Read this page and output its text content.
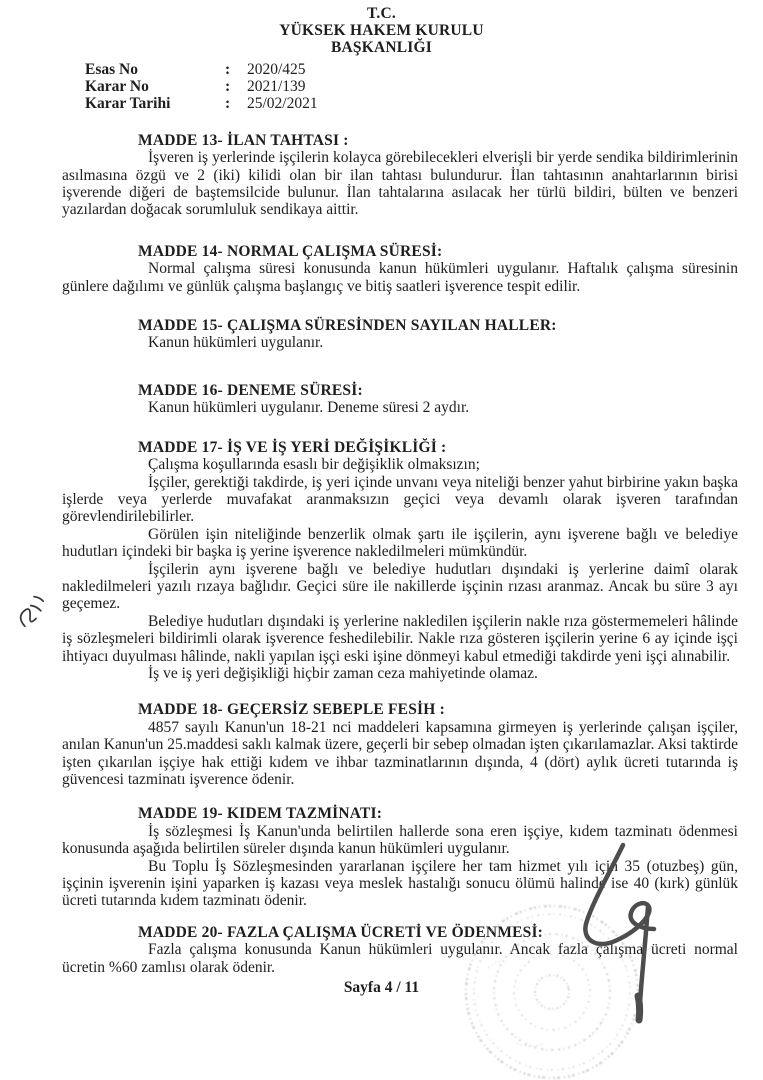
T.C.
YÜKSEK HAKEM KURULU
BAŞKANLIĞI
Esas No	:	2020/425
Karar No	:	2021/139
Karar Tarihi	:	25/02/2021
MADDE 13- İLAN TAHTASI :

İşveren iş yerlerinde işçilerin kolayca görebilecekleri elverişli bir yerde sendika bildirimlerinin asılmasına özgü ve 2 (iki) kilidi olan bir ilan tahtası bulundurur. İlan tahtasının anahtarlarının birisi işverende diğeri de baştemsilcide bulunur. İlan tahtalarına asılacak her türlü bildiri, bülten ve benzeri yazılardan doğacak sorumluluk sendikaya aittir.

MADDE 14- NORMAL ÇALIŞMA SÜRESİ:

Normal çalışma süresi konusunda kanun hükümleri uygulanır. Haftalık çalışma süresinin günlere dağılımı ve günlük çalışma başlangıç ve bitiş saatleri işverence tespit edilir.

MADDE 15- ÇALIŞMA SÜRESİNDEN SAYILAN HALLER:

Kanun hükümleri uygulanır.

MADDE 16- DENEME SÜRESİ:

Kanun hükümleri uygulanır. Deneme süresi 2 aydır.

MADDE 17- İŞ VE İŞ YERİ DEĞİŞİKLİĞİ :

Çalışma koşullarında esaslı bir değişiklik olmaksızın;

İşçiler, gerektiği takdirde, iş yeri içinde unvanı veya niteliği benzer yahut birbirine yakın başka işlerde veya yerlerde muvafakat aranmaksızın geçici veya devamlı olarak işveren tarafından görevlendirilebilirler.

Görülen işin niteliğinde benzerlik olmak şartı ile işçilerin, aynı işverene bağlı ve belediye hudutları içindeki bir başka iş yerine işverence nakledilmeleri mümkündür.

İşçilerin aynı işverene bağlı ve belediye hudutları dışındaki iş yerlerine daimî olarak nakledilmeleri yazılı rızaya bağlıdır. Geçici süre ile nakillerde işçinin rızası aranmaz. Ancak bu süre 3 ayı geçemez.

Belediye hudutları dışındaki iş yerlerine nakledilen işçilerin nakle rıza göstermemeleri hâlinde iş sözleşmeleri bildirimli olarak işverence feshedilebilir. Nakle rıza gösteren işçilerin yerine 6 ay içinde işçi ihtiyacı duyulması hâlinde, nakli yapılan işçi eski işine dönmeyi kabul etmediği takdirde yeni işçi alınabilir.

İş ve iş yeri değişikliği hiçbir zaman ceza mahiyetinde olamaz.

MADDE 18- GEÇERSİZ SEBEPLE FESİH :

4857 sayılı Kanun'un 18-21 nci maddeleri kapsamına girmeyen iş yerlerinde çalışan işçiler, anılan Kanun'un 25.maddesi saklı kalmak üzere, geçerli bir sebep olmadan işten çıkarılamazlar. Aksi taktirde işten çıkarılan işçiye hak ettiği kıdem ve ihbar tazminatlarının dışında, 4 (dört) aylık ücreti tutarında iş güvencesi tazminatı işverence ödenir.

MADDE 19- KIDEM TAZMİNATI:

İş sözleşmesi İş Kanun'unda belirtilen hallerde sona eren işçiye, kıdem tazminatı ödenmesi konusunda aşağıda belirtilen süreler dışında kanun hükümleri uygulanır.

Bu Toplu İş Sözleşmesinden yararlanan işçilere her tam hizmet yılı için 35 (otuzbeş) gün, işçinin işverenin işini yaparken iş kazası veya meslek hastalığı sonucu ölümü halinde ise 40 (kırk) günlük ücreti tutarında kıdem tazminatı ödenir.

MADDE 20- FAZLA ÇALIŞMA ÜCRETİ VE ÖDENMESİ:

Fazla çalışma konusunda Kanun hükümleri uygulanır. Ancak fazla çalışma ücreti normal ücretin %60 zamlısı olarak ödenir.

Sayfa 4 / 11
